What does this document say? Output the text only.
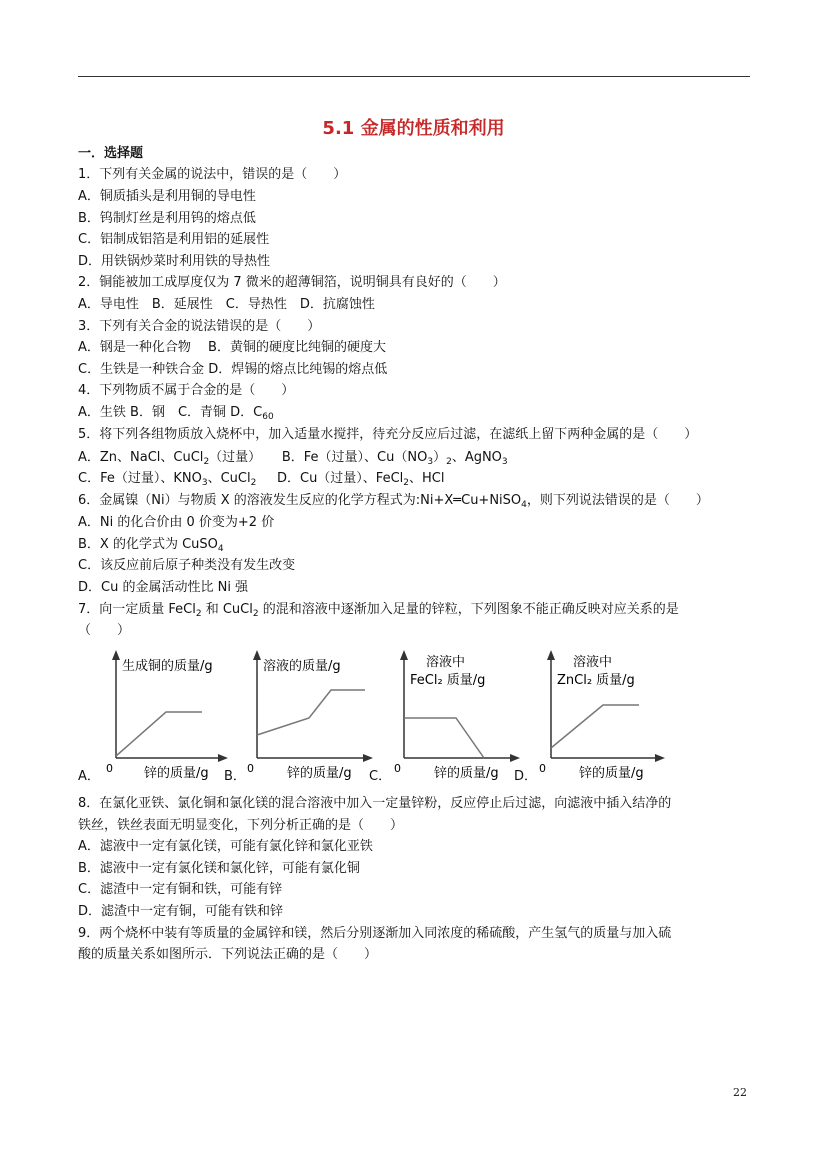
5.1 金属的性质和利用
一．选择题
1．下列有关金属的说法中，错误的是（　　）
A．铜质插头是利用铜的导电性
B．钨制灯丝是利用钨的熔点低
C．铝制成铝箔是利用铝的延展性
D．用铁锅炒菜时利用铁的导热性
2．铜能被加工成厚度仅为 7 微米的超薄铜箔，说明铜具有良好的（　　）
A．导电性　B．延展性　C．导热性　D．抗腐蚀性
3．下列有关合金的说法错误的是（　　）
A．钢是一种化合物　 B．黄铜的硬度比纯铜的硬度大
C．生铁是一种铁合金 D．焊锡的熔点比纯锡的熔点低
4．下列物质不属于合金的是（　　）
A．生铁 B．钢　C．青铜 D．$C_{60}$
5．将下列各组物质放入烧杯中，加入适量水搅拌，待充分反应后过滤，在滤纸上留下两种金属的是（　　）
A．Zn、NaCl、CuCl$_2$（过量） B．Fe（过量）、$Cu(NO_3)_2$、AgNO$_3$
C．Fe（过量）、$KNO_3$、CuCl$_2$ D．Cu（过量）、FeCl$_2$、HCl
6．金属镍（Ni）与物质 X 的溶液发生反应的化学方程式为:Ni+X═Cu+NiSO$_4$，则下列说法错误的是（　　）
A．Ni 的化合价由 0 价变为+2 价
B．X 的化学式为 CuSO$_4$
C．该反应前后原子种类没有发生改变
D．Cu 的金属活动性比 Ni 强
7．向一定质量 FeCl$_2$ 和 CuCl$_2$ 的混和溶液中逐渐加入足量的锌粒，下列图象不能正确反映对应关系的是
（　　）
A．
生成铜的质量/g
0 锌的质量/g B．
溶液的质量/g
0	锌的质量/g C．
溶液中
FeCl₂ 质量/g
0	锌的质量/g D．
溶液中
ZnCl₂ 质量/g
0	锌的质量/g
8．在氯化亚铁、氯化铜和氯化镁的混合溶液中加入一定量锌粉，反应停止后过滤，向滤液中插入结净的
铁丝，铁丝表面无明显变化，下列分析正确的是（　　）
A．滤液中一定有氯化镁，可能有氯化锌和氯化亚铁
B．滤液中一定有氯化镁和氯化锌，可能有氯化铜
C．滤渣中一定有铜和铁，可能有锌
D．滤渣中一定有铜，可能有铁和锌
9．两个烧杯中装有等质量的金属锌和镁，然后分别逐渐加入同浓度的稀硫酸，产生氢气的质量与加入硫
酸的质量关系如图所示．下列说法正确的是（　　）
22
